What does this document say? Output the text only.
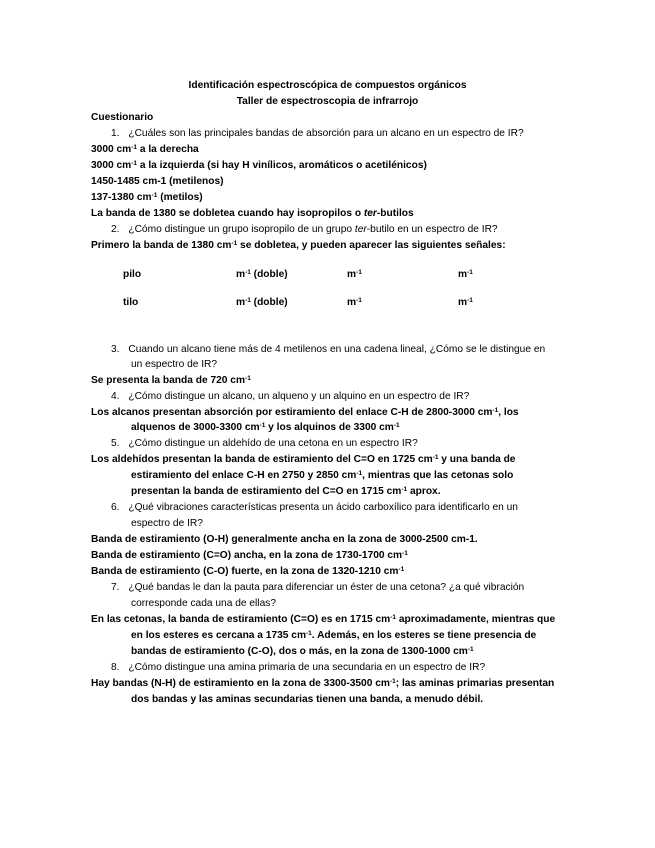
Identificación espectroscópica de compuestos orgánicos
Taller de espectroscopia de infrarrojo
Cuestionario
1. ¿Cuáles son las principales bandas de absorción para un alcano en un espectro de IR?
3000 $cm^{-1}$ a la derecha
3000 $cm^{-1}$ a la izquierda (si hay H vinílicos, aromáticos o acetilénicos)
1450-1485 cm-1 (metilenos)
137-1380 $cm^{-1}$ (metilos)
La banda de 1380 se dobletea cuando hay isopropilos o ter-butilos
2. ¿Cómo distingue un grupo isopropilo de un grupo ter-butilo en un espectro de IR?
Primero la banda de 1380 $cm^{-1}$ se dobletea, y pueden aparecer las siguientes señales:
pilo	$m^{-1}$ (doble)	$m^{-1}$	$m^{-1}$
tilo	$m^{-1}$ (doble)	$m^{-1}$	$m^{-1}$
3. Cuando un alcano tiene más de 4 metilenos en una cadena lineal, ¿Cómo se le distingue en
un espectro de IR?
Se presenta la banda de 720 $cm^{-1}$
4. ¿Cómo distingue un alcano, un alqueno y un alquino en un espectro de IR?
Los alcanos presentan absorción por estiramiento del enlace C-H de 2800-3000 $cm^{-1}$, los
alquenos de 3000-3300 $cm^{-1}$ y los alquinos de 3300 $cm^{-1}$
5. ¿Cómo distingue un aldehído de una cetona en un espectro IR?
Los aldehídos presentan la banda de estiramiento del C=O en 1725 $cm^{-1}$ y una banda de
estiramiento del enlace C-H en 2750 y 2850 $cm^{-1}$, mientras que las cetonas solo
presentan la banda de estiramiento del C=O en 1715 $cm^{-1}$ aprox.
6. ¿Qué vibraciones características presenta un ácido carboxílico para identificarlo en un
espectro de IR?
Banda de estiramiento (O-H) generalmente ancha en la zona de 3000-2500 cm-1.
Banda de estiramiento (C=O) ancha, en la zona de 1730-1700 $cm^{-1}$
Banda de estiramiento (C-O) fuerte, en la zona de 1320-1210 $cm^{-1}$
7. ¿Qué bandas le dan la pauta para diferenciar un éster de una cetona? ¿a qué vibración
corresponde cada una de ellas?
En las cetonas, la banda de estiramiento (C=O) es en 1715 $cm^{-1}$ aproximadamente, mientras que
en los esteres es cercana a 1735 $cm^{-1}$. Además, en los esteres se tiene presencia de
bandas de estiramiento (C-O), dos o más, en la zona de 1300-1000 $cm^{-1}$
8. ¿Cómo distingue una amina primaria de una secundaria en un espectro de IR?
Hay bandas (N-H) de estiramiento en la zona de 3300-3500 $cm^{-1}$; las aminas primarias presentan
dos bandas y las aminas secundarias tienen una banda, a menudo débil.
